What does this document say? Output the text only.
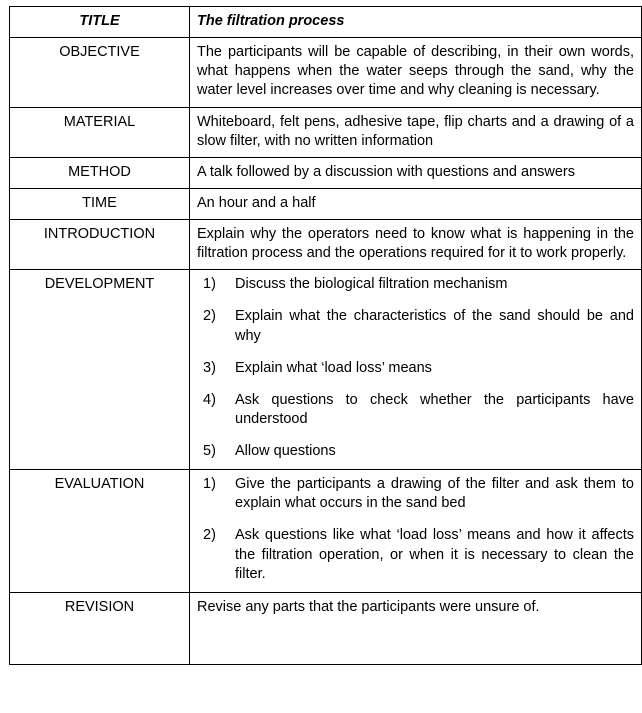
TITLE	The filtration process
OBJECTIVE	The participants will be capable of describing, in their own words, what happens when the water seeps through the sand, why the water level increases over time and why cleaning is necessary.

MATERIAL	Whiteboard, felt pens, adhesive tape, flip charts and a drawing of a slow filter, with no written information

METHOD	A talk followed by a discussion with questions and answers

TIME	An hour and a half

INTRODUCTION	Explain why the operators need to know what is happening in the filtration process and the operations required for it to work properly.

DEVELOPMENT	Discuss the biological filtration mechanism
Explain what the characteristics of the sand should be and why
Explain what ‘load loss’ means
Ask questions to check whether the participants have understood
Allow questions

EVALUATION	Give the participants a drawing of the filter and ask them to explain what occurs in the sand bed
Ask questions like what ‘load loss’ means and how it affects the filtration operation, or when it is necessary to clean the filter.

REVISION	Revise any parts that the participants were unsure of.
